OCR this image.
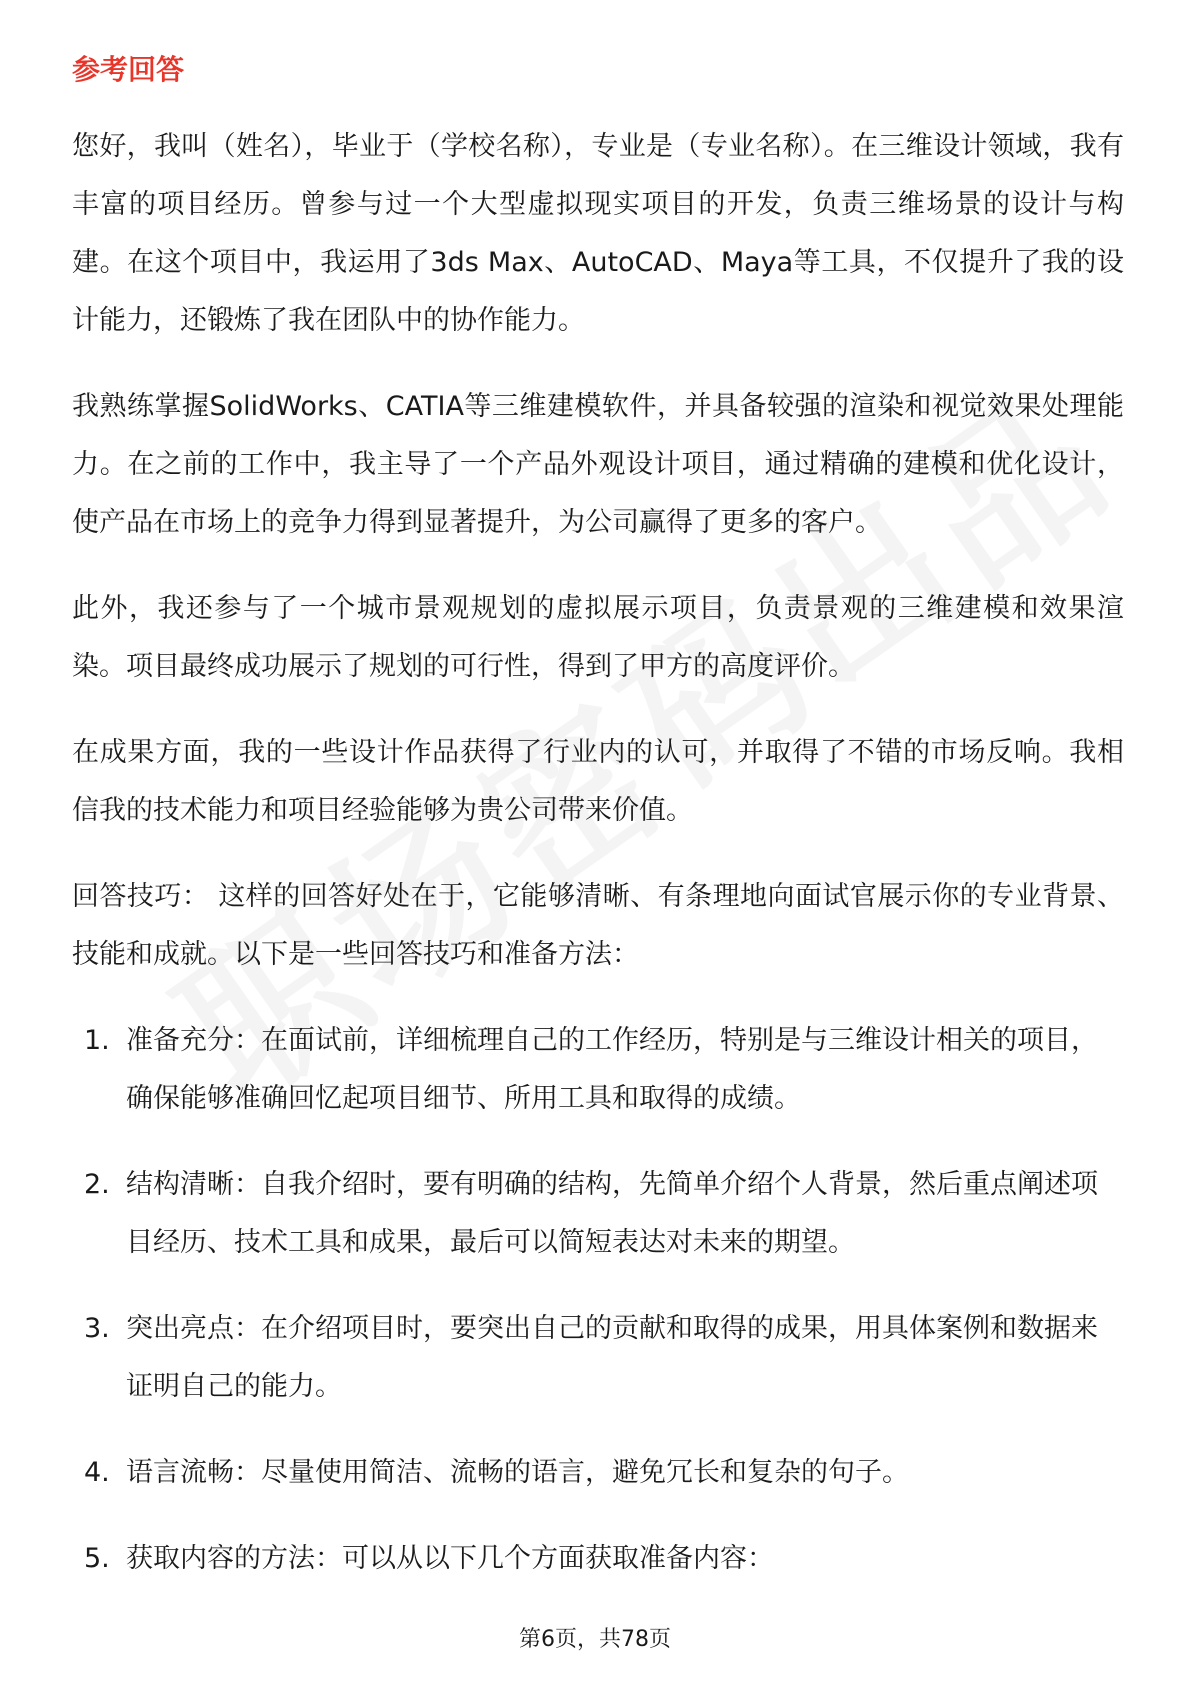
参考回答

您好，我叫（姓名），毕业于（学校名称），专业是（专业名称）。在三维设计领域，我有丰富的项目经历。曾参与过一个大型虚拟现实项目的开发，负责三维场景的设计与构建。在这个项目中，我运用了3ds Max、AutoCAD、Maya等工具，不仅提升了我的设计能力，还锻炼了我在团队中的协作能力。

我熟练掌握SolidWorks、CATIA等三维建模软件，并具备较强的渲染和视觉效果处理能力。在之前的工作中，我主导了一个产品外观设计项目，通过精确的建模和优化设计，使产品在市场上的竞争力得到显著提升，为公司赢得了更多的客户。

此外，我还参与了一个城市景观规划的虚拟展示项目，负责景观的三维建模和效果渲染。项目最终成功展示了规划的可行性，得到了甲方的高度评价。

在成果方面，我的一些设计作品获得了行业内的认可，并取得了不错的市场反响。我相信我的技术能力和项目经验能够为贵公司带来价值。

回答技巧： 这样的回答好处在于，它能够清晰、有条理地向面试官展示你的专业背景、技能和成就。以下是一些回答技巧和准备方法：

1. 准备充分：在面试前，详细梳理自己的工作经历，特别是与三维设计相关的项目，确保能够准确回忆起项目细节、所用工具和取得的成绩。
2. 结构清晰：自我介绍时，要有明确的结构，先简单介绍个人背景，然后重点阐述项目经历、技术工具和成果，最后可以简短表达对未来的期望。
3. 突出亮点：在介绍项目时，要突出自己的贡献和取得的成果，用具体案例和数据来证明自己的能力。
4. 语言流畅：尽量使用简洁、流畅的语言，避免冗长和复杂的句子。
5. 获取内容的方法：可以从以下几个方面获取准备内容：
第6页，共78页
